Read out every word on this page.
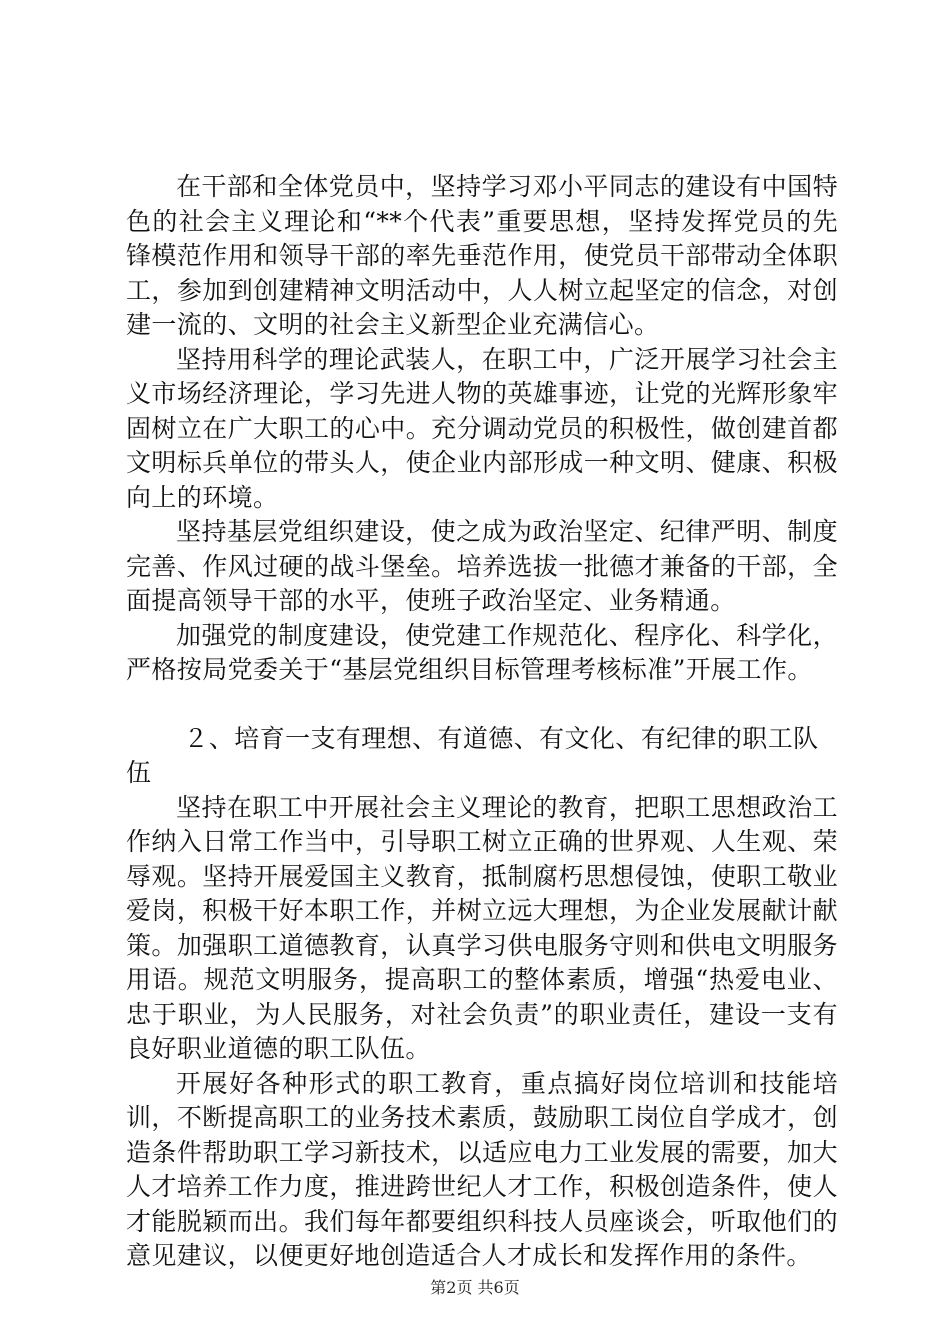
在干部和全体党员中，坚持学习邓小平同志的建设有中国特色的社会主义理论和“**个代表”重要思想，坚持发挥党员的先锋模范作用和领导干部的率先垂范作用，使党员干部带动全体职工，参加到创建精神文明活动中，人人树立起坚定的信念，对创建一流的、文明的社会主义新型企业充满信心。

坚持用科学的理论武装人，在职工中，广泛开展学习社会主义市场经济理论，学习先进人物的英雄事迹，让党的光辉形象牢固树立在广大职工的心中。充分调动党员的积极性，做创建首都文明标兵单位的带头人，使企业内部形成一种文明、健康、积极向上的环境。

坚持基层党组织建设，使之成为政治坚定、纪律严明、制度完善、作风过硬的战斗堡垒。培养选拔一批德才兼备的干部，全面提高领导干部的水平，使班子政治坚定、业务精通。

加强党的制度建设，使党建工作规范化、程序化、科学化，严格按局党委关于“基层党组织目标管理考核标准”开展工作。

２、培育一支有理想、有道德、有文化、有纪律的职工队伍

坚持在职工中开展社会主义理论的教育，把职工思想政治工作纳入日常工作当中，引导职工树立正确的世界观、人生观、荣辱观。坚持开展爱国主义教育，抵制腐朽思想侵蚀，使职工敬业爱岗，积极干好本职工作，并树立远大理想，为企业发展献计献策。加强职工道德教育，认真学习供电服务守则和供电文明服务用语。规范文明服务，提高职工的整体素质，增强“热爱电业、忠于职业，为人民服务，对社会负责”的职业责任，建设一支有良好职业道德的职工队伍。

开展好各种形式的职工教育，重点搞好岗位培训和技能培训，不断提高职工的业务技术素质，鼓励职工岗位自学成才，创造条件帮助职工学习新技术，以适应电力工业发展的需要，加大人才培养工作力度，推进跨世纪人才工作，积极创造条件，使人才能脱颖而出。我们每年都要组织科技人员座谈会，听取他们的意见建议，以便更好地创造适合人才成长和发挥作用的条件。

第2页 共6页
